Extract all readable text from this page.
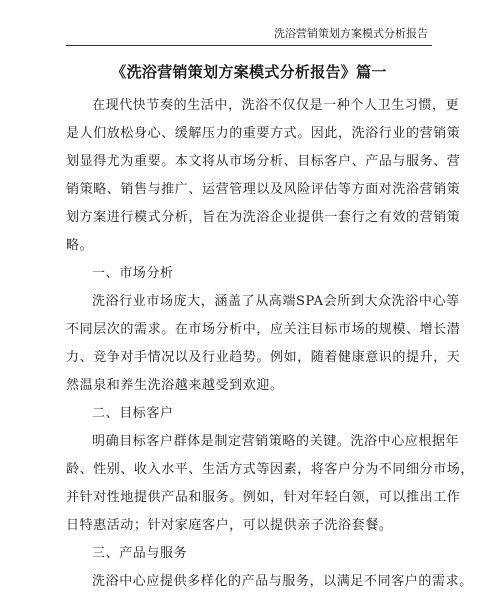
洗浴营销策划方案模式分析报告
《洗浴营销策划方案模式分析报告》篇一
在现代快节奏的生活中，洗浴不仅仅是一种个人卫生习惯，更
是人们放松身心、缓解压力的重要方式。因此，洗浴行业的营销策
划显得尤为重要。本文将从市场分析、目标客户、产品与服务、营
销策略、销售与推广、运营管理以及风险评估等方面对洗浴营销策
划方案进行模式分析，旨在为洗浴企业提供一套行之有效的营销策
略。
一、市场分析
洗浴行业市场庞大，涵盖了从高端SPA会所到大众洗浴中心等
不同层次的需求。在市场分析中，应关注目标市场的规模、增长潜
力、竞争对手情况以及行业趋势。例如，随着健康意识的提升，天
然温泉和养生洗浴越来越受到欢迎。
二、目标客户
明确目标客户群体是制定营销策略的关键。洗浴中心应根据年
龄、性别、收入水平、生活方式等因素，将客户分为不同细分市场，
并针对性地提供产品和服务。例如，针对年轻白领，可以推出工作
日特惠活动；针对家庭客户，可以提供亲子洗浴套餐。
三、产品与服务
洗浴中心应提供多样化的产品与服务，以满足不同客户的需求。
